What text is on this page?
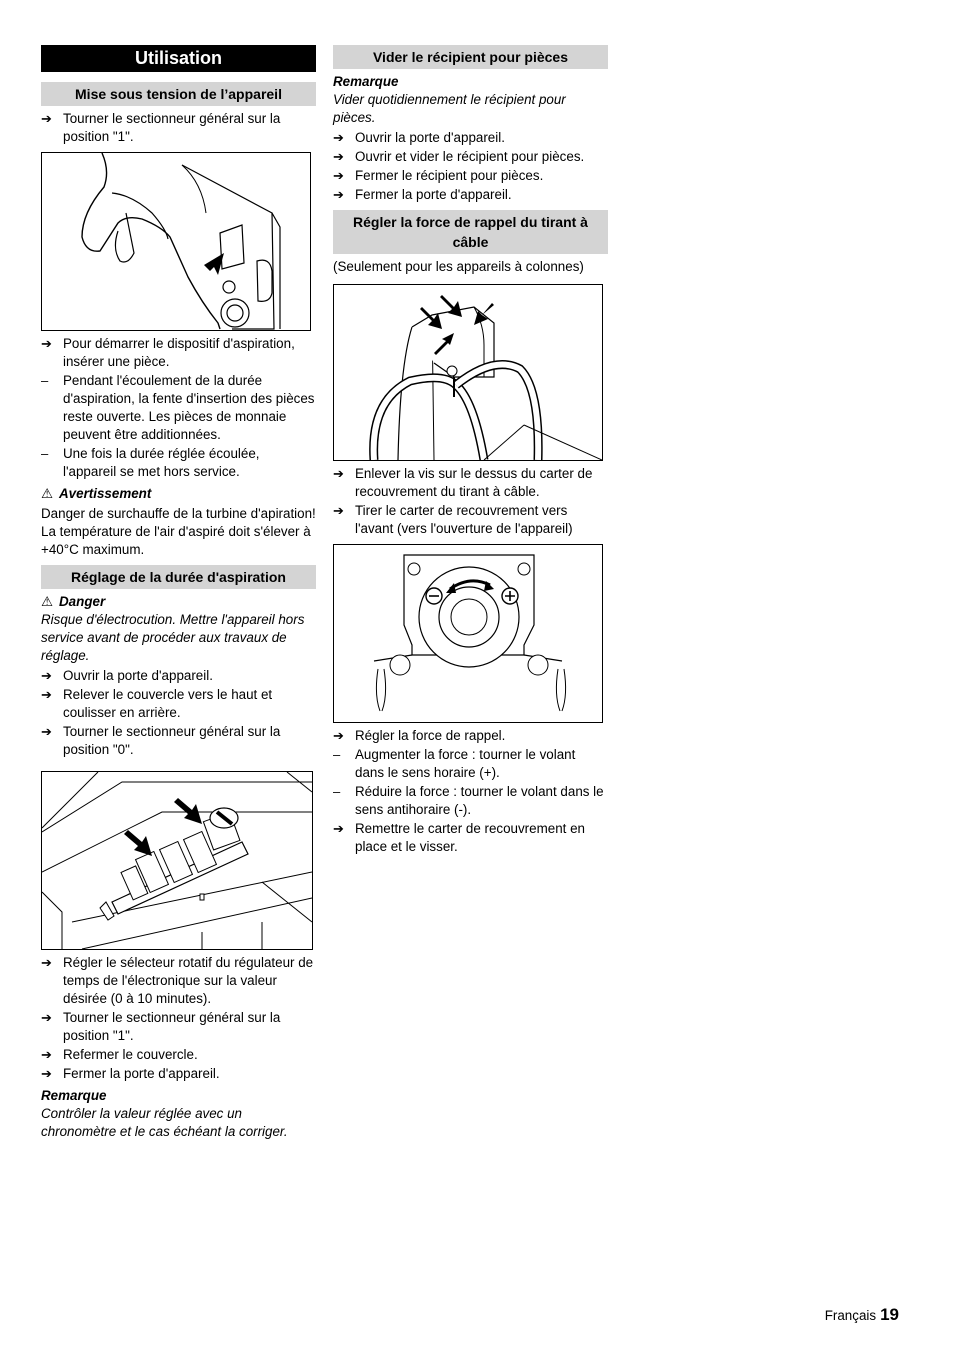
Utilisation
Mise sous tension de l’appareil
➔ Tourner le sectionneur général sur la position "1".
➔ Pour démarrer le dispositif d'aspiration, insérer une pièce.
–	Pendant l'écoulement de la durée d'aspiration, la fente d'insertion des pièces reste ouverte. Les pièces de monnaie peuvent être additionnées.
–	Une fois la durée réglée écoulée, l'appareil se met hors service.
⚠ Avertissement
Danger de surchauffe de la turbine d'apiration! La température de l'air d'aspiré doit s'élever à +40°C maximum.
Réglage de la durée d'aspiration
⚠ Danger
Risque d'électrocution. Mettre l'appareil hors service avant de procéder aux travaux de réglage.
➔ Ouvrir la porte d'appareil.
➔ Relever le couvercle vers le haut et coulisser en arrière.
➔ Tourner le sectionneur général sur la position "0".
➔ Régler le sélecteur rotatif du régulateur de temps de l'électronique sur la valeur désirée (0 à 10 minutes).
➔ Tourner le sectionneur général sur la position "1".
➔ Refermer le couvercle.
➔ Fermer la porte d'appareil.
Remarque
Contrôler la valeur réglée avec un chronomètre et le cas échéant la corriger.
Vider le récipient pour pièces
Remarque
Vider quotidiennement le récipient pour pièces.
➔ Ouvrir la porte d'appareil.
➔ Ouvrir et vider le récipient pour pièces.
➔ Fermer le récipient pour pièces.
➔ Fermer la porte d'appareil.
Régler la force de rappel du tirant à câble
(Seulement pour les appareils à colonnes)
➔ Enlever la vis sur le dessus du carter de recouvrement du tirant à câble.
➔ Tirer le carter de recouvrement vers l'avant (vers l'ouverture de l'appareil)
➔ Régler la force de rappel.
–	Augmenter la force : tourner le volant dans le sens horaire (+).
–	Réduire la force : tourner le volant dans le sens antihoraire (-).
➔ Remettre le carter de recouvrement en place et le visser.
Français 19
